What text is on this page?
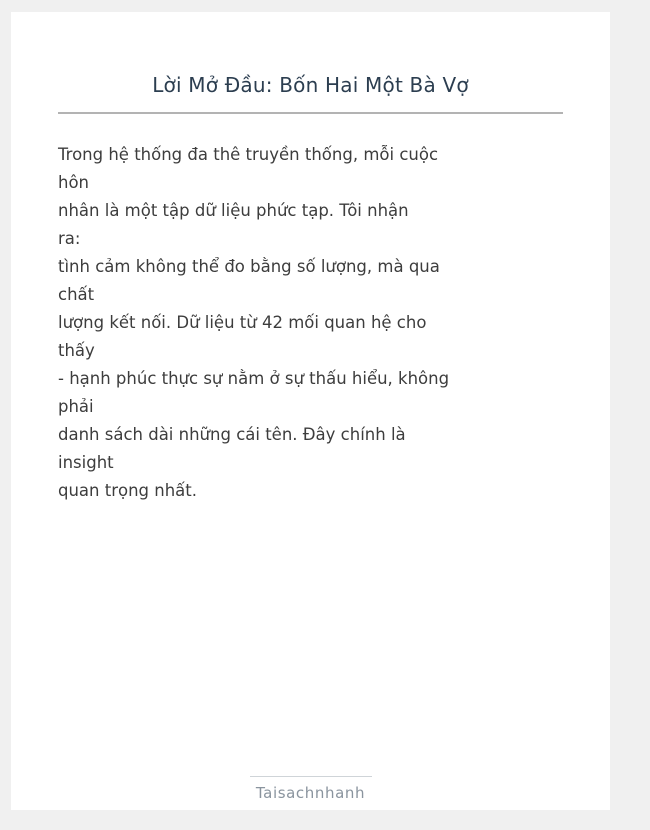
Lời Mở Đầu: Bốn Hai Một Bà Vợ
Trong hệ thống đa thê truyền thống, mỗi cuộc
hôn
nhân là một tập dữ liệu phức tạp. Tôi nhận
ra:
tình cảm không thể đo bằng số lượng, mà qua
chất
lượng kết nối. Dữ liệu từ 42 mối quan hệ cho
thấy
- hạnh phúc thực sự nằm ở sự thấu hiểu, không
phải
danh sách dài những cái tên. Đây chính là
insight
quan trọng nhất.
Taisachnhanh
